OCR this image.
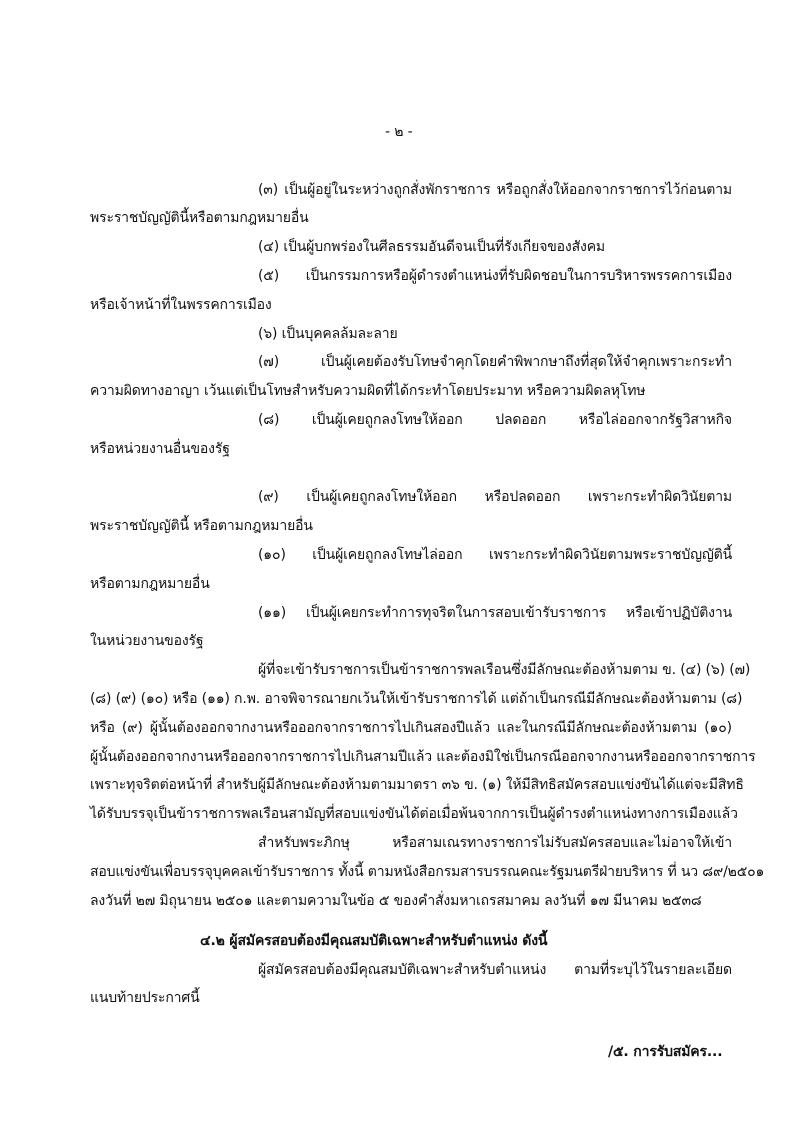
- ๒ -
(๓) เป็นผู้อยู่ในระหว่างถูกสั่งพักราชการ หรือถูกสั่งให้ออกจากราชการไว้ก่อนตาม
พระราชบัญญัตินี้หรือตามกฎหมายอื่น
(๔) เป็นผู้บกพร่องในศีลธรรมอันดีจนเป็นที่รังเกียจของสังคม
(๕) เป็นกรรมการหรือผู้ดำรงตำแหน่งที่รับผิดชอบในการบริหารพรรคการเมือง
หรือเจ้าหน้าที่ในพรรคการเมือง
(๖) เป็นบุคคลล้มละลาย
(๗) เป็นผู้เคยต้องรับโทษจำคุกโดยคำพิพากษาถึงที่สุดให้จำคุกเพราะกระทำ
ความผิดทางอาญา เว้นแต่เป็นโทษสำหรับความผิดที่ได้กระทำโดยประมาท หรือความผิดลหุโทษ
(๘) เป็นผู้เคยถูกลงโทษให้ออก ปลดออก หรือไล่ออกจากรัฐวิสาหกิจ
หรือหน่วยงานอื่นของรัฐ
(๙) เป็นผู้เคยถูกลงโทษให้ออก หรือปลดออก เพราะกระทำผิดวินัยตาม
พระราชบัญญัตินี้ หรือตามกฎหมายอื่น
(๑๐) เป็นผู้เคยถูกลงโทษไล่ออก เพราะกระทำผิดวินัยตามพระราชบัญญัตินี้
หรือตามกฎหมายอื่น
(๑๑) เป็นผู้เคยกระทำการทุจริตในการสอบเข้ารับราชการ หรือเข้าปฏิบัติงาน
ในหน่วยงานของรัฐ
ผู้ที่จะเข้ารับราชการเป็นข้าราชการพลเรือนซึ่งมีลักษณะต้องห้ามตาม ข. (๔) (๖) (๗)
(๘) (๙) (๑๐) หรือ (๑๑) ก.พ. อาจพิจารณายกเว้นให้เข้ารับราชการได้ แต่ถ้าเป็นกรณีมีลักษณะต้องห้ามตาม (๘)
หรือ (๙) ผู้นั้นต้องออกจากงานหรือออกจากราชการไปเกินสองปีแล้ว และในกรณีมีลักษณะต้องห้ามตาม (๑๐)
ผู้นั้นต้องออกจากงานหรือออกจากราชการไปเกินสามปีแล้ว และต้องมิใช่เป็นกรณีออกจากงานหรือออกจากราชการ
เพราะทุจริตต่อหน้าที่ สำหรับผู้มีลักษณะต้องห้ามตามมาตรา ๓๖ ข. (๑) ให้มีสิทธิสมัครสอบแข่งขันได้แต่จะมีสิทธิ
ได้รับบรรจุเป็นข้าราชการพลเรือนสามัญที่สอบแข่งขันได้ต่อเมื่อพ้นจากการเป็นผู้ดำรงตำแหน่งทางการเมืองแล้ว
สำหรับพระภิกษุ หรือสามเณรทางราชการไม่รับสมัครสอบและไม่อาจให้เข้า
สอบแข่งขันเพื่อบรรจุบุคคลเข้ารับราชการ ทั้งนี้ ตามหนังสือกรมสารบรรณคณะรัฐมนตรีฝ่ายบริหาร ที่ นว ๘๙/๒๕๐๑
ลงวันที่ ๒๗ มิถุนายน ๒๕๐๑ และตามความในข้อ ๕ ของคำสั่งมหาเถรสมาคม ลงวันที่ ๑๗ มีนาคม ๒๕๓๘
๔.๒ ผู้สมัครสอบต้องมีคุณสมบัติเฉพาะสำหรับตำแหน่ง ดังนี้
ผู้สมัครสอบต้องมีคุณสมบัติเฉพาะสำหรับตำแหน่ง ตามที่ระบุไว้ในรายละเอียด
แนบท้ายประกาศนี้
/๕. การรับสมัคร...
